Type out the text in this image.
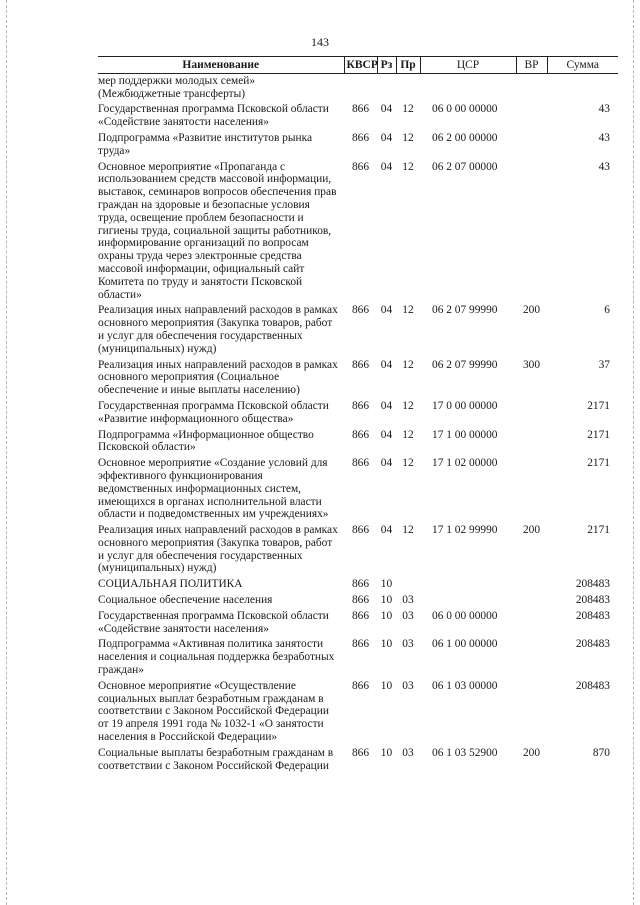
143
Наименование	КВСР	Рз	Пр	ЦСР	ВР	Сумма
мер поддержки молодых семей» (Межбюджетные трансферты)						
Государственная программа Псковской области «Содействие занятости населения»	866	04	12	06 0 00 00000		43
Подпрограмма «Развитие институтов рынка труда»	866	04	12	06 2 00 00000		43
Основное мероприятие «Пропаганда с использованием средств массовой информации, выставок, семинаров вопросов обеспечения прав граждан на здоровые и безопасные условия труда, освещение проблем безопасности и гигиены труда, социальной защиты работников, информирование организаций по вопросам охраны труда через электронные средства массовой информации, официальный сайт Комитета по труду и занятости Псковской области»	866	04	12	06 2 07 00000		43
Реализация иных направлений расходов в рамках основного мероприятия (Закупка товаров, работ и услуг для обеспечения государственных (муниципальных) нужд)	866	04	12	06 2 07 99990	200	6
Реализация иных направлений расходов в рамках основного мероприятия (Социальное обеспечение и иные выплаты населению)	866	04	12	06 2 07 99990	300	37
Государственная программа Псковской области «Развитие информационного общества»	866	04	12	17 0 00 00000		2171
Подпрограмма «Информационное общество Псковской области»	866	04	12	17 1 00 00000		2171
Основное мероприятие «Создание условий для эффективного функционирования ведомственных информационных систем, имеющихся в органах исполнительной власти области и подведомственных им учреждениях»	866	04	12	17 1 02 00000		2171
Реализация иных направлений расходов в рамках основного мероприятия (Закупка товаров, работ и услуг для обеспечения государственных (муниципальных) нужд)	866	04	12	17 1 02 99990	200	2171
СОЦИАЛЬНАЯ ПОЛИТИКА	866	10				208483
Социальное обеспечение населения	866	10	03			208483
Государственная программа Псковской области «Содействие занятости населения»	866	10	03	06 0 00 00000		208483
Подпрограмма «Активная политика занятости населения и социальная поддержка безработных граждан»	866	10	03	06 1 00 00000		208483
Основное мероприятие «Осуществление социальных выплат безработным гражданам в соответствии с Законом Российской Федерации от 19 апреля 1991 года № 1032-1 «О занятости населения в Российской Федерации»	866	10	03	06 1 03 00000		208483
Социальные выплаты безработным гражданам в соответствии с Законом Российской Федерации	866	10	03	06 1 03 52900	200	870
